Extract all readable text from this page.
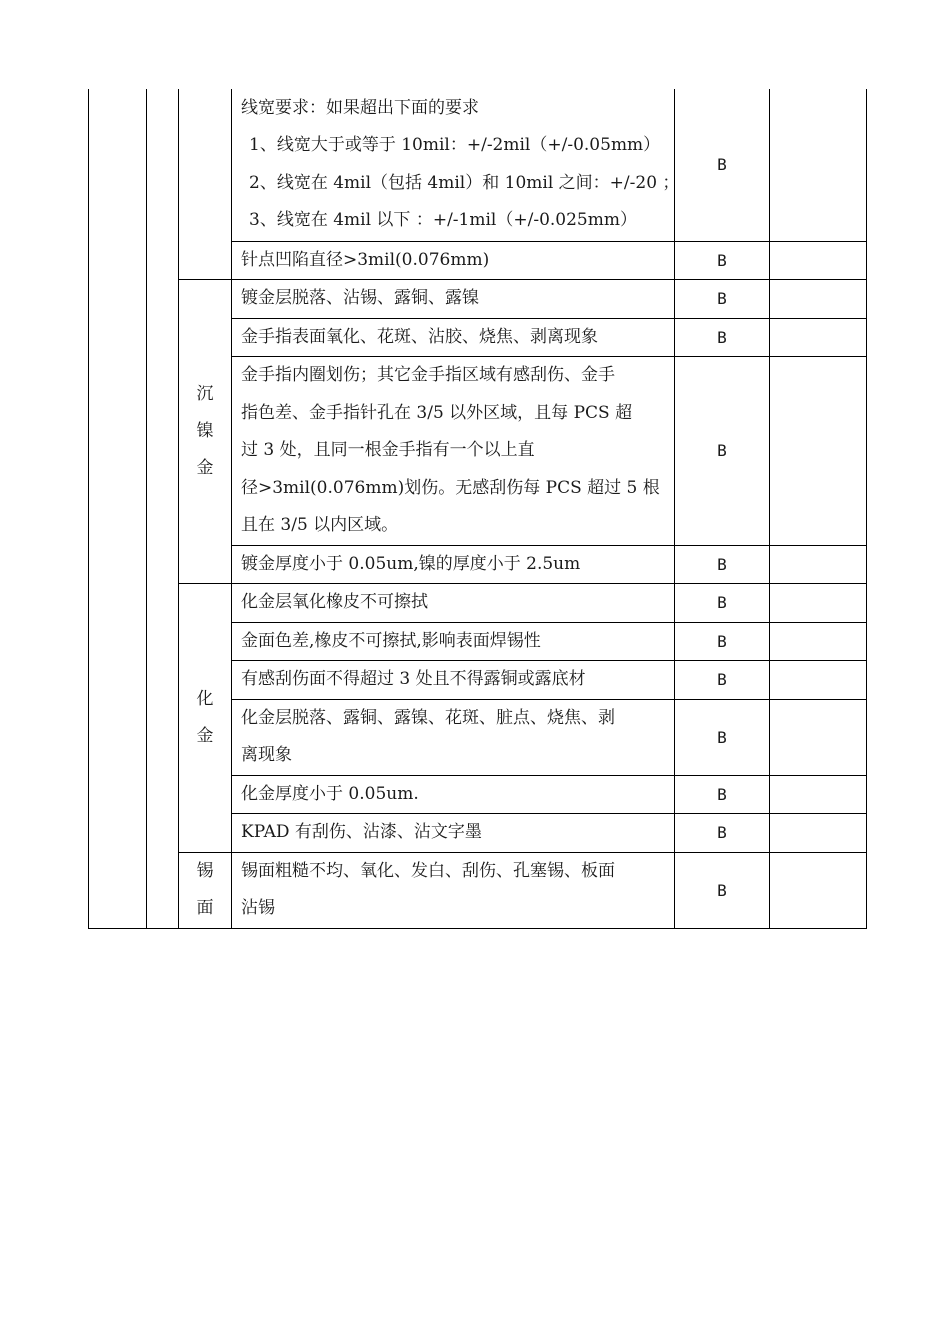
			线宽要求：如果超出下面的要求
1、线宽大于或等于 10mil：+/-2mil（+/-0.05mm）
2、线宽在 4mil（包括 4mil）和 10mil 之间：+/-20 ；
3、线宽在 4mil 以下 ：+/-1mil（+/-0.025mm）	B	

			针点凹陷直径>3mil(0.076mm)	B	

		沉
镍
金	镀金层脱落、沾锡、露铜、露镍	B	

			金手指表面氧化、花斑、沾胶、烧焦、剥离现象	B	

			金手指内圈划伤；其它金手指区域有感刮伤、金手
指色差、金手指针孔在 3/5 以外区域，且每 PCS 超
过 3 处，且同一根金手指有一个以上直
径>3mil(0.076mm)划伤。无感刮伤每 PCS 超过 5 根
且在 3/5 以内区域。	B	

			镀金厚度小于 0.05um,镍的厚度小于 2.5um	B	

		化
金	化金层氧化橡皮不可擦拭	B	

			金面色差,橡皮不可擦拭,影响表面焊锡性	B	

			有感刮伤面不得超过 3 处且不得露铜或露底材	B	

			化金层脱落、露铜、露镍、花斑、脏点、烧焦、剥
离现象	B	

			化金厚度小于 0.05um.	B	

			KPAD 有刮伤、沾漆、沾文字墨	B	

		锡
面	锡面粗糙不均、氧化、发白、刮伤、孔塞锡、板面
沾锡	B	
